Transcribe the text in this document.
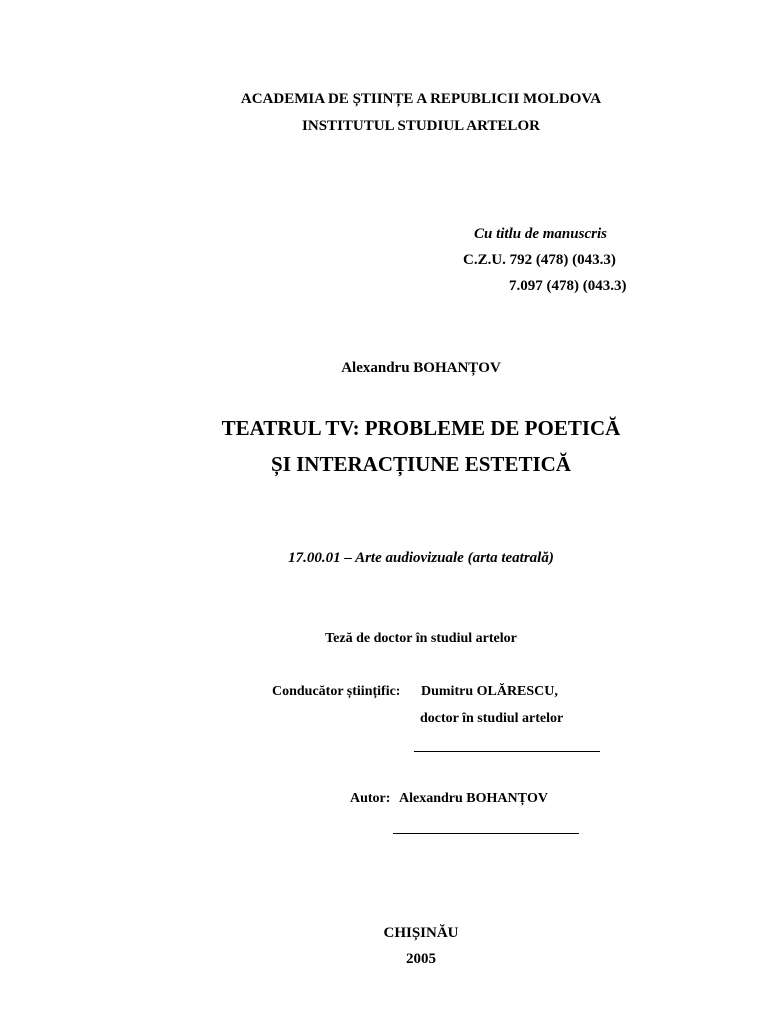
ACADEMIA DE ȘTIINȚE A REPUBLICII MOLDOVA
INSTITUTUL STUDIUL ARTELOR
Cu titlu de manuscris
C.Z.U. 792 (478) (043.3)
7.097 (478) (043.3)
Alexandru BOHANȚOV
TEATRUL TV: PROBLEME DE POETICĂ
ȘI INTERACȚIUNE ESTETICĂ
17.00.01 – Arte audiovizuale (arta teatrală)
Teză de doctor în studiul artelor
Conducător științific: Dumitru OLĂRESCU,
doctor în studiul artelor
Autor: Alexandru BOHANȚOV
CHIȘINĂU
2005
